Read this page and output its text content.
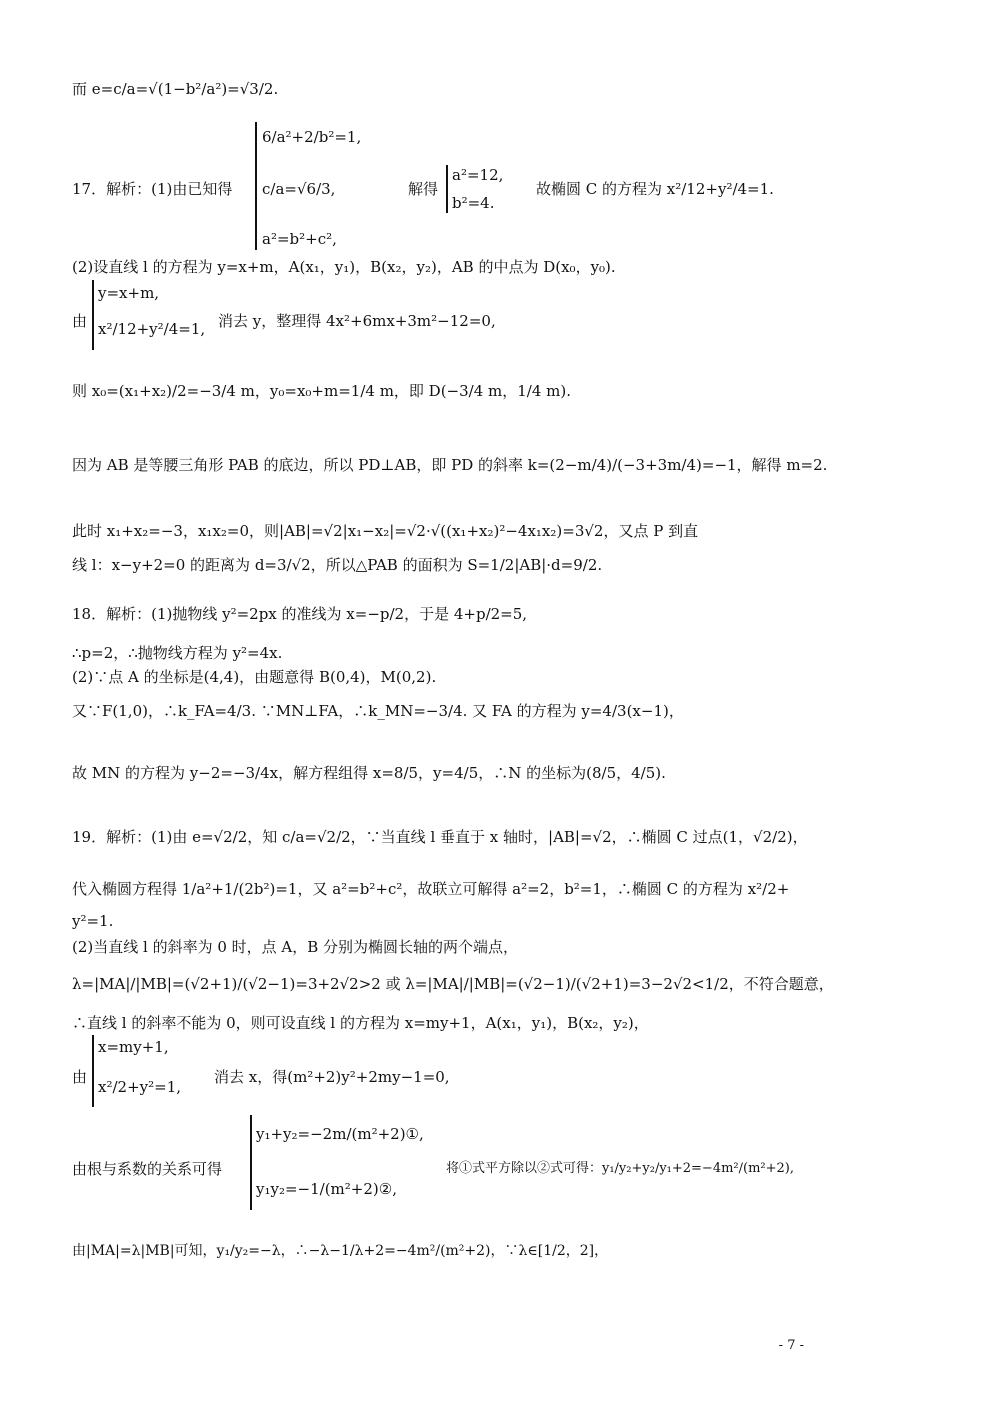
而 e=c/a=√(1−b²/a²)=√3/2.
17．解析：(1)由已知得
6/a²+2/b²=1,
c/a=√6/3,
a²=b²+c²,
解得
a²=12,
b²=4.
故椭圆 C 的方程为 x²/12+y²/4=1.
(2)设直线 l 的方程为 y=x+m，A(x₁，y₁)，B(x₂，y₂)，AB 的中点为 D(x₀，y₀).
由
y=x+m,
x²/12+y²/4=1, 消去 y，整理得 4x²+6mx+3m²−12=0,
则 x₀=(x₁+x₂)/2=−3/4 m，y₀=x₀+m=1/4 m，即 D(−3/4 m，1/4 m).
因为 AB 是等腰三角形 PAB 的底边，所以 PD⊥AB，即 PD 的斜率 k=(2−m/4)/(−3+3m/4)=−1，解得 m=2.
此时 x₁+x₂=−3，x₁x₂=0，则|AB|=√2|x₁−x₂|=√2·√((x₁+x₂)²−4x₁x₂)=3√2，又点 P 到直
线 l：x−y+2=0 的距离为 d=3/√2，所以△PAB 的面积为 S=1/2|AB|·d=9/2.
18．解析：(1)抛物线 y²=2px 的准线为 x=−p/2，于是 4+p/2=5,
∴p=2，∴抛物线方程为 y²=4x.
(2)∵点 A 的坐标是(4,4)，由题意得 B(0,4)，M(0,2).
又∵F(1,0)，∴k_FA=4/3. ∵MN⊥FA，∴k_MN=−3/4. 又 FA 的方程为 y=4/3(x−1)，
故 MN 的方程为 y−2=−3/4x，解方程组得 x=8/5，y=4/5，∴N 的坐标为(8/5，4/5).
19．解析：(1)由 e=√2/2，知 c/a=√2/2，∵当直线 l 垂直于 x 轴时，|AB|=√2，∴椭圆 C 过点(1，√2/2)，
代入椭圆方程得 1/a²+1/(2b²)=1，又 a²=b²+c²，故联立可解得 a²=2，b²=1，∴椭圆 C 的方程为 x²/2+
y²=1.
(2)当直线 l 的斜率为 0 时，点 A，B 分别为椭圆长轴的两个端点，
λ=|MA|/|MB|=(√2+1)/(√2−1)=3+2√2>2 或 λ=|MA|/|MB|=(√2−1)/(√2+1)=3−2√2<1/2，不符合题意，
∴直线 l 的斜率不能为 0，则可设直线 l 的方程为 x=my+1，A(x₁，y₁)，B(x₂，y₂)，
由
x=my+1,
x²/2+y²=1,
消去 x，得(m²+2)y²+2my−1=0,
由根与系数的关系可得
y₁+y₂=−2m/(m²+2)①,
y₁y₂=−1/(m²+2)②,
将①式平方除以②式可得：y₁/y₂+y₂/y₁+2=−4m²/(m²+2),
由|MA|=λ|MB|可知，y₁/y₂=−λ，∴−λ−1/λ+2=−4m²/(m²+2)，∵λ∈[1/2，2]，
- 7 -
